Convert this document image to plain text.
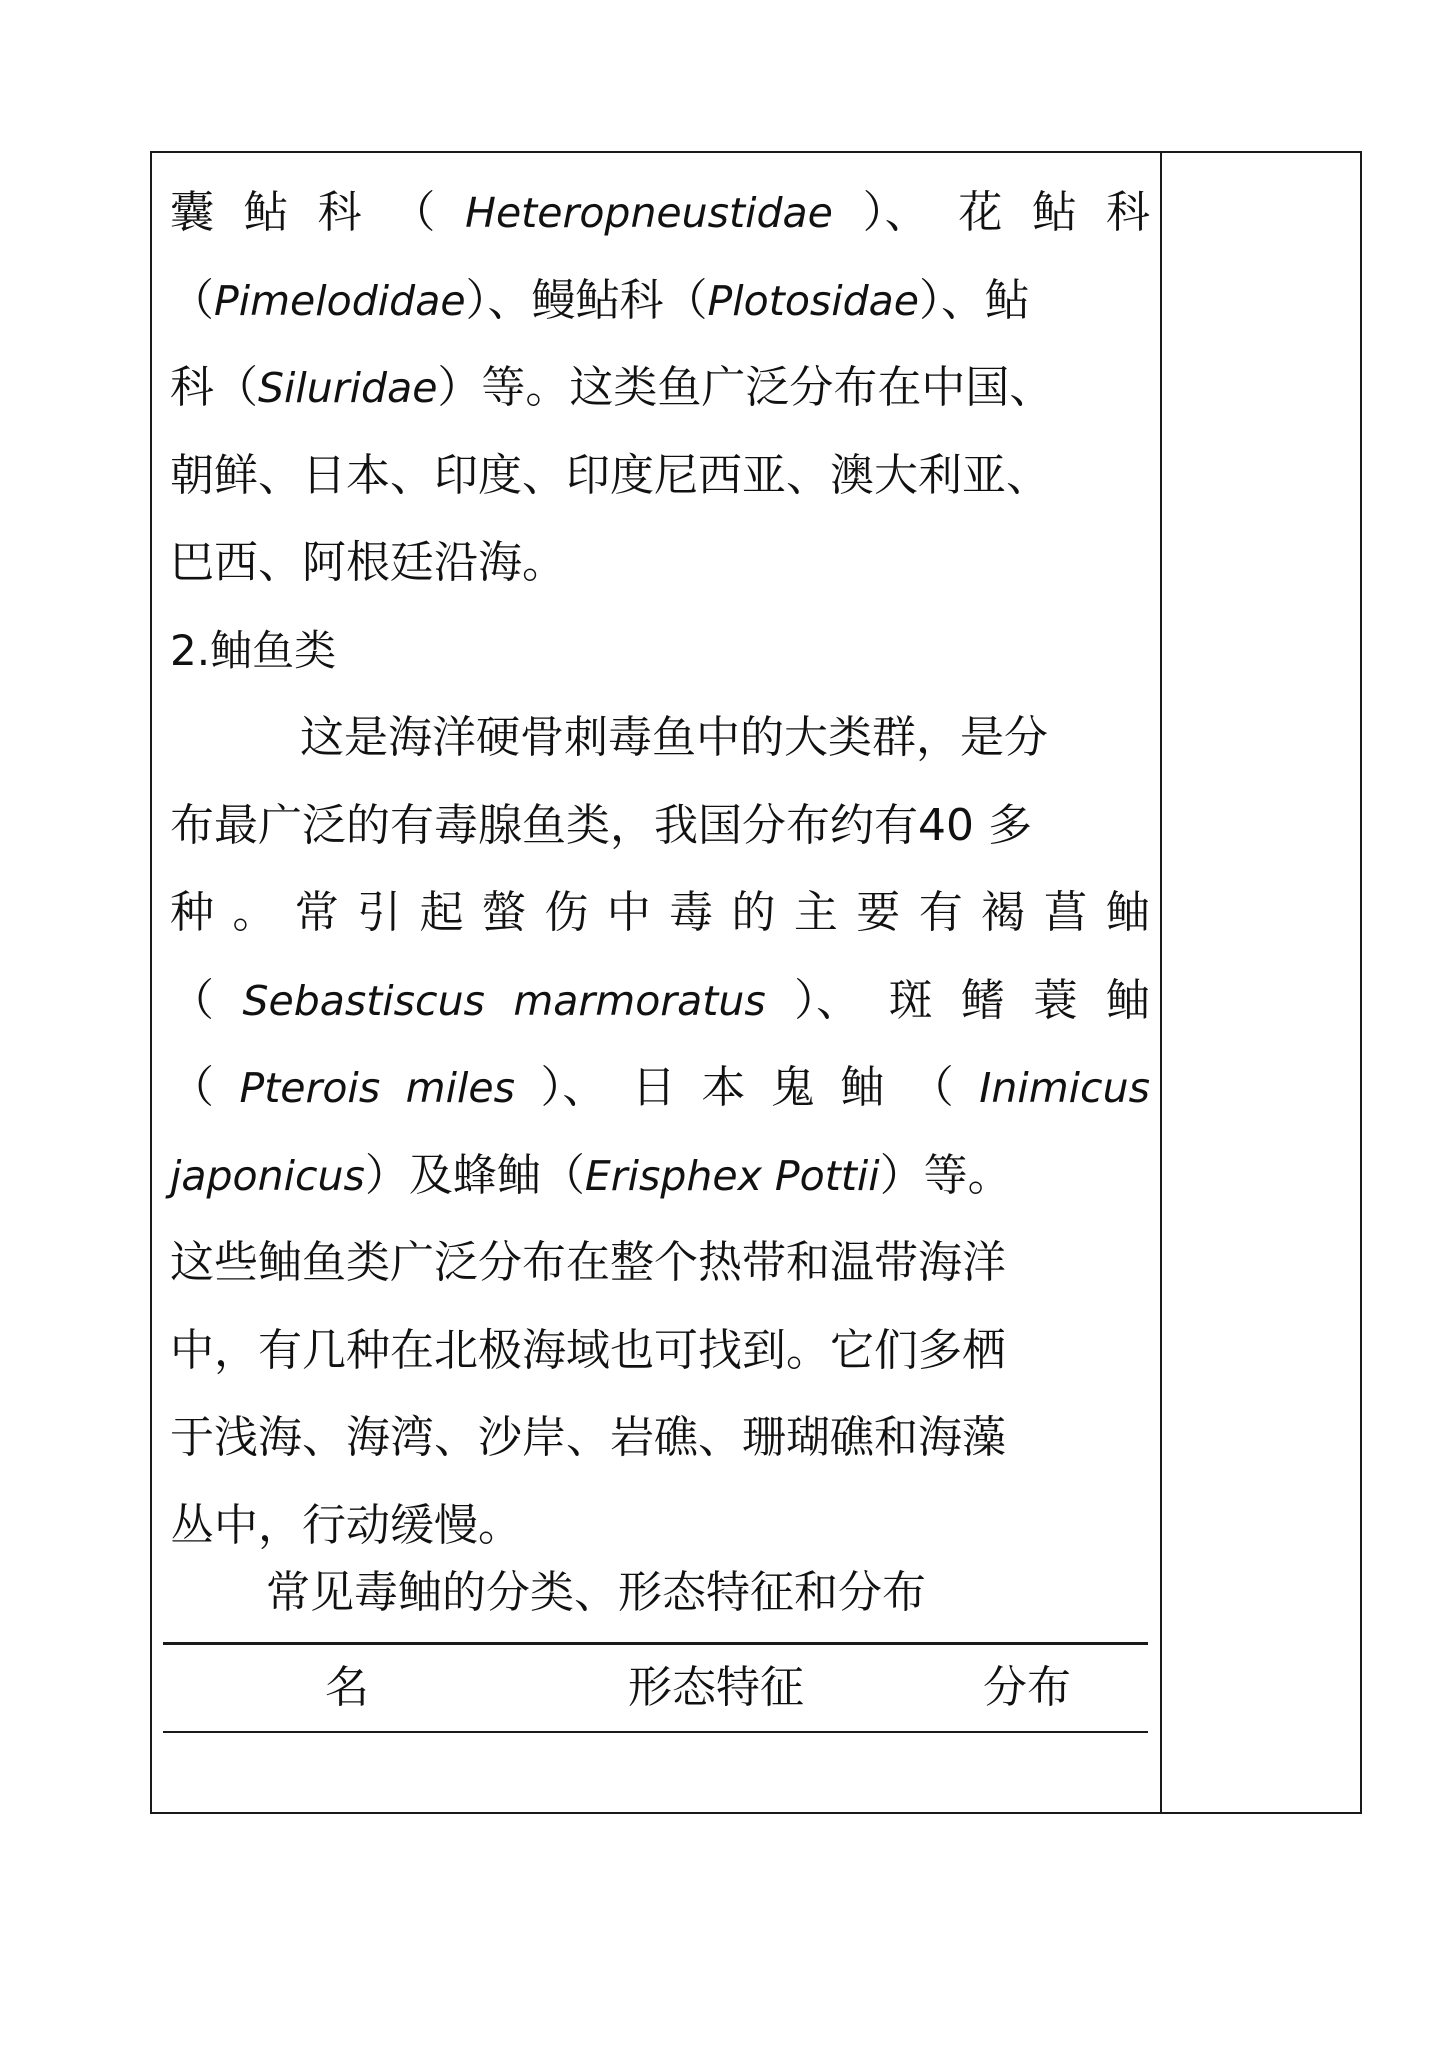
囊 鲇 科 （ Heteropneustidae ）、 花 鲇 科
（Pimelodidae）、鳗鲇科（Plotosidae）、鲇
科（Siluridae）等。这类鱼广泛分布在中国、
朝鲜、日本、印度、印度尼西亚、澳大利亚、
巴西、阿根廷沿海。
2.鲉鱼类
这是海洋硬骨刺毒鱼中的大类群，是分
布最广泛的有毒腺鱼类，我国分布约有40 多
种 。 常 引 起 螫 伤 中 毒 的 主 要 有 褐 菖 鲉
（ Sebastiscus marmoratus ）、 斑 鳍 蓑 鲉
（ Pterois miles ）、 日 本 鬼 鲉 （ Inimicus
japonicus）及蜂鲉（Erisphex Pottii）等。
这些鲉鱼类广泛分布在整个热带和温带海洋
中，有几种在北极海域也可找到。它们多栖
于浅海、海湾、沙岸、岩礁、珊瑚礁和海藻
丛中，行动缓慢。
常见毒鲉的分类、形态特征和分布
名	形态特征	分布
